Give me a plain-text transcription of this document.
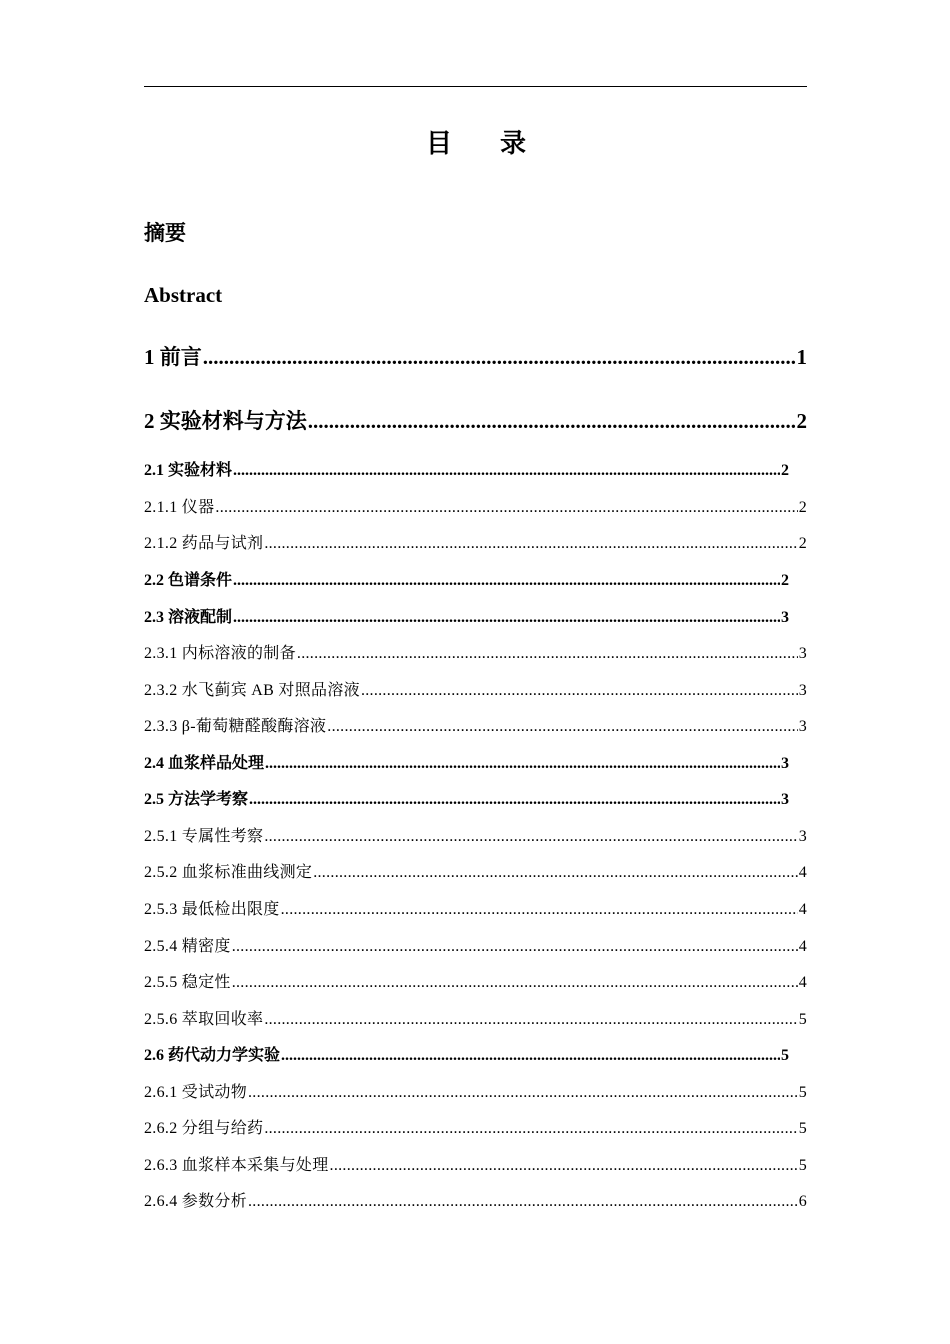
目录
摘要
Abstract
1 前言 .....	1
2 实验材料与方法 .....	2
2.1 实验材料 .....	2
2.1.1 仪器 .....	2
2.1.2 药品与试剂 .....	2
2.2 色谱条件 .....	2
2.3 溶液配制 .....	3
2.3.1 内标溶液的制备 .....	3
2.3.2 水飞蓟宾 AB 对照品溶液 .....	3
2.3.3 β-葡萄糖醛酸酶溶液 .....	3
2.4 血浆样品处理 .....	3
2.5 方法学考察 .....	3
2.5.1 专属性考察 .....	3
2.5.2 血浆标准曲线测定 .....	4
2.5.3 最低检出限度 .....	4
2.5.4 精密度 .....	4
2.5.5 稳定性 .....	4
2.5.6 萃取回收率 .....	5
2.6 药代动力学实验 .....	5
2.6.1 受试动物 .....	5
2.6.2 分组与给药 .....	5
2.6.3 血浆样本采集与处理 .....	5
2.6.4 参数分析 .....	6
